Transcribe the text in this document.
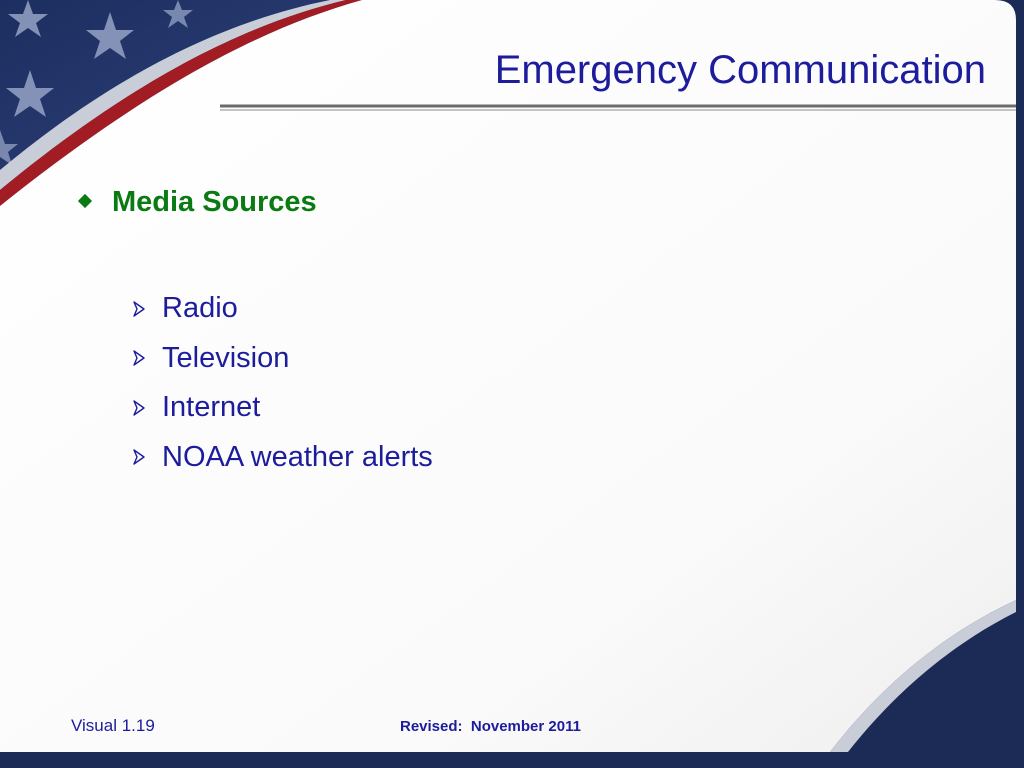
Emergency Communication
Media Sources
Radio
Television
Internet
NOAA weather alerts
Visual 1.19	Revised:  November 2011
